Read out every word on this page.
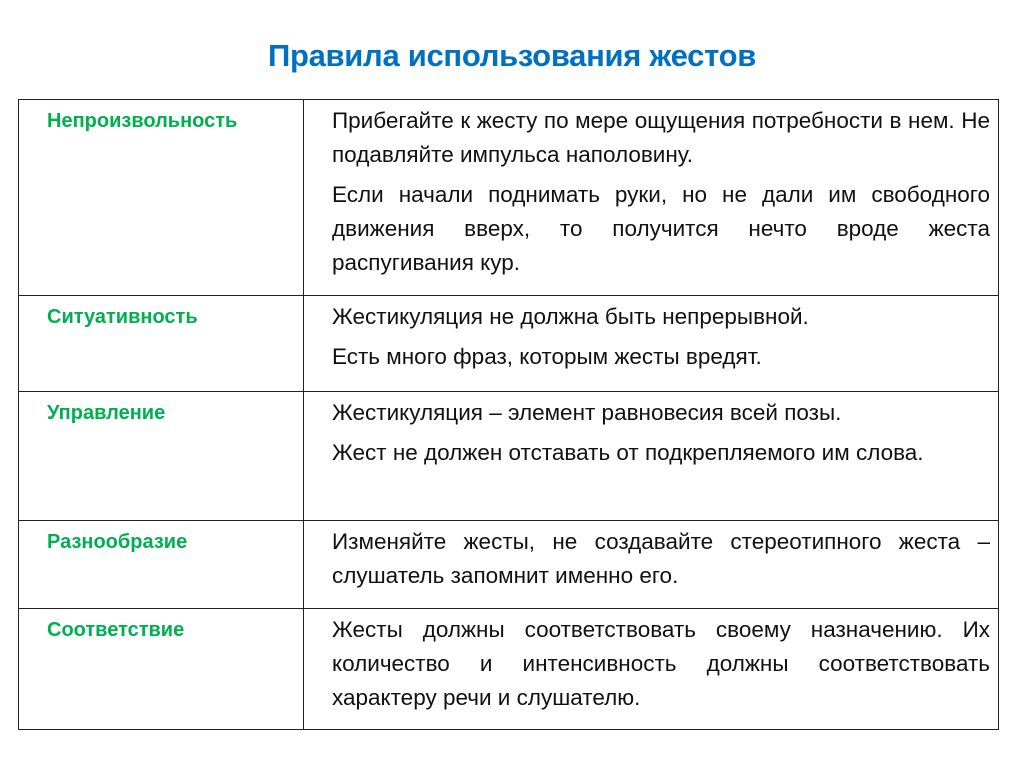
Правила использования жестов
Непроизвольность	Прибегайте к жесту по мере ощущения потребности в нем. Не подавляйте импульса наполовину.

Если начали поднимать руки, но не дали им свободного движения вверх, то получится нечто вроде жеста распугивания кур.

Ситуативность	Жестикуляция не должна быть непрерывной.

Есть много фраз, которым жесты вредят.

Управление	Жестикуляция – элемент равновесия всей позы.

Жест не должен отставать от подкрепляемого им слова.

Разнообразие	Изменяйте жесты, не создавайте стереотипного жеста – слушатель запомнит именно его.

Соответствие	Жесты должны соответствовать своему назначению. Их количество и интенсивность должны соответствовать характеру речи и слушателю.
